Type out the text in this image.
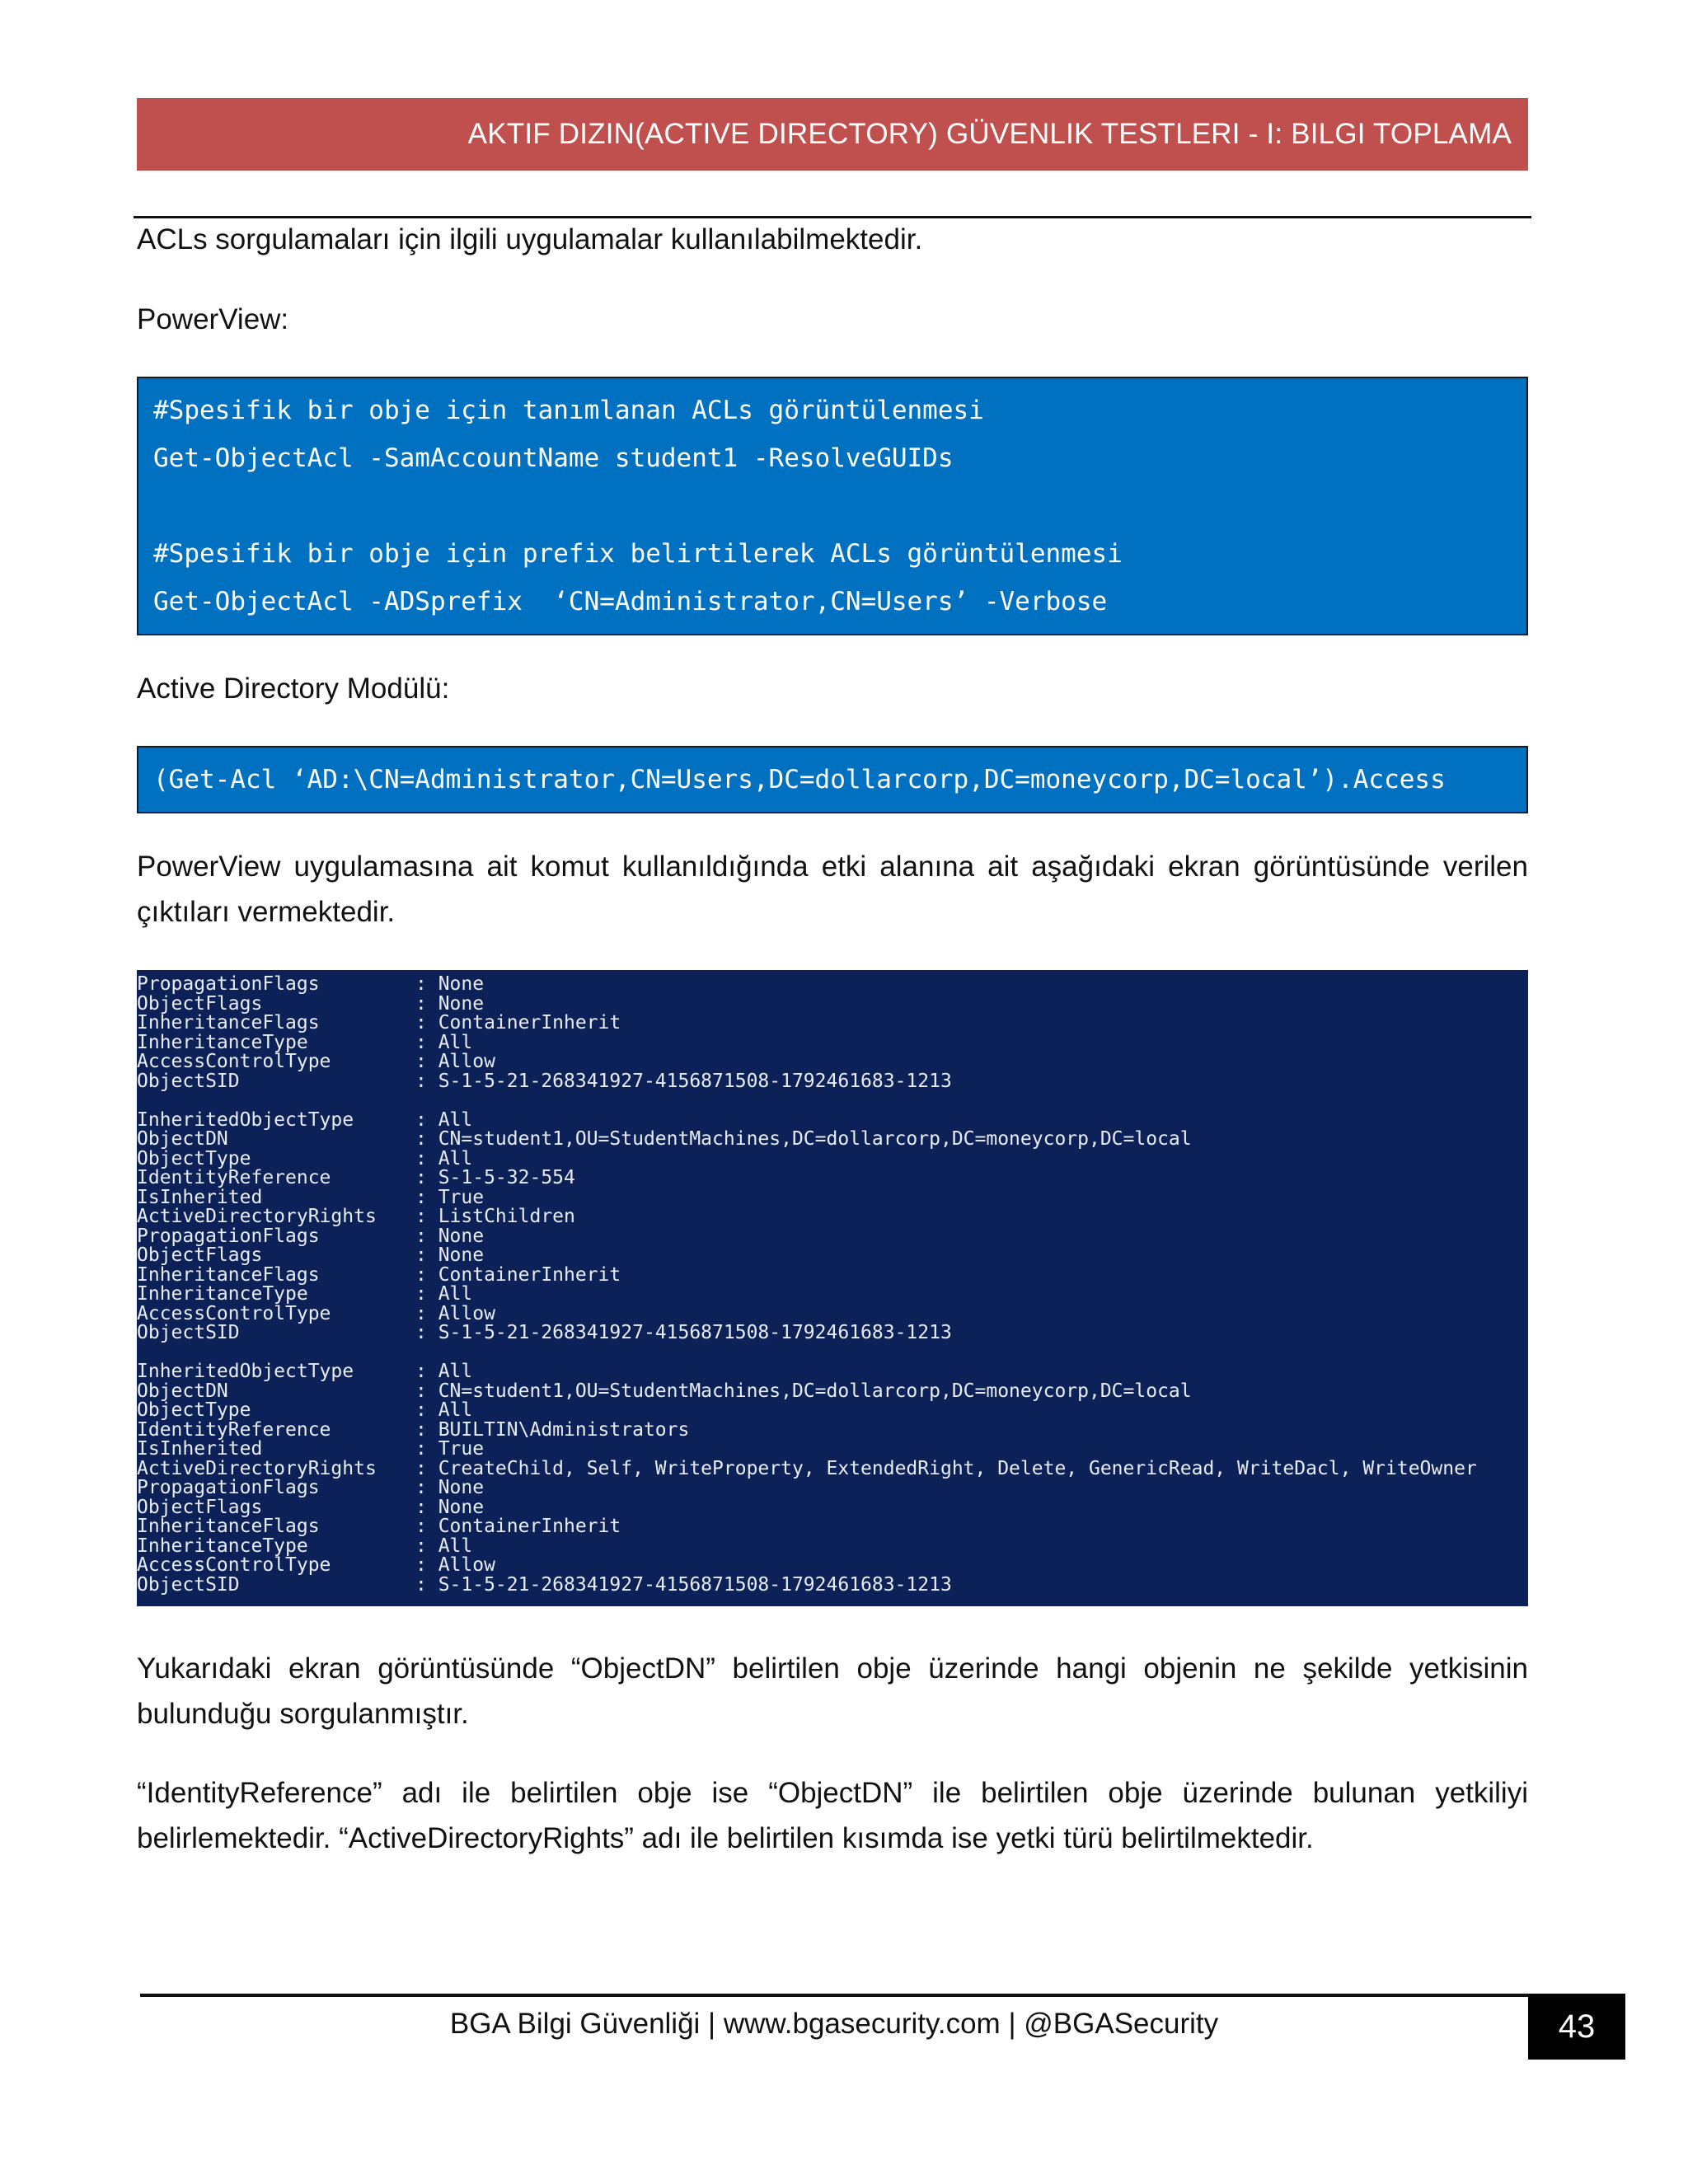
AKTIF DIZIN(ACTIVE DIRECTORY) GÜVENLIK TESTLERI - I: BILGI TOPLAMA

ACLs sorgulamaları için ilgili uygulamalar kullanılabilmektedir.

PowerView:

#Spesifik bir obje için tanımlanan ACLs görüntülenmesi
Get-ObjectAcl -SamAccountName student1 -ResolveGUIDs
#Spesifik bir obje için prefix belirtilerek ACLs görüntülenmesi
Get-ObjectAcl -ADSprefix  ‘CN=Administrator,CN=Users’ -Verbose

Active Directory Modülü:

(Get-Acl ‘AD:\CN=Administrator,CN=Users,DC=dollarcorp,DC=moneycorp,DC=local’).Access

PowerView uygulamasına ait komut kullanıldığında etki alanına ait aşağıdaki ekran görüntüsünde verilen çıktıları vermektedir.

PropagationFlags	: None
ObjectFlags	: None
InheritanceFlags	: ContainerInherit
InheritanceType	: All
AccessControlType	: Allow
ObjectSID	: S-1-5-21-268341927-4156871508-1792461683-1213
InheritedObjectType	: All
ObjectDN	: CN=student1,OU=StudentMachines,DC=dollarcorp,DC=moneycorp,DC=local
ObjectType	: All
IdentityReference	: S-1-5-32-554
IsInherited	: True
ActiveDirectoryRights	: ListChildren
PropagationFlags	: None
ObjectFlags	: None
InheritanceFlags	: ContainerInherit
InheritanceType	: All
AccessControlType	: Allow
ObjectSID	: S-1-5-21-268341927-4156871508-1792461683-1213
InheritedObjectType	: All
ObjectDN	: CN=student1,OU=StudentMachines,DC=dollarcorp,DC=moneycorp,DC=local
ObjectType	: All
IdentityReference	: BUILTIN\Administrators
IsInherited	: True
ActiveDirectoryRights	: CreateChild, Self, WriteProperty, ExtendedRight, Delete, GenericRead, WriteDacl, WriteOwner
PropagationFlags	: None
ObjectFlags	: None
InheritanceFlags	: ContainerInherit
InheritanceType	: All
AccessControlType	: Allow
ObjectSID	: S-1-5-21-268341927-4156871508-1792461683-1213

Yukarıdaki ekran görüntüsünde “ObjectDN” belirtilen obje üzerinde hangi objenin ne şekilde yetkisinin bulunduğu sorgulanmıştır.

“IdentityReference” adı ile belirtilen obje ise “ObjectDN” ile belirtilen obje üzerinde bulunan yetkiliyi belirlemektedir. “ActiveDirectoryRights” adı ile belirtilen kısımda ise yetki türü belirtilmektedir.

BGA Bilgi Güvenliği | www.bgasecurity.com | @BGASecurity	43
